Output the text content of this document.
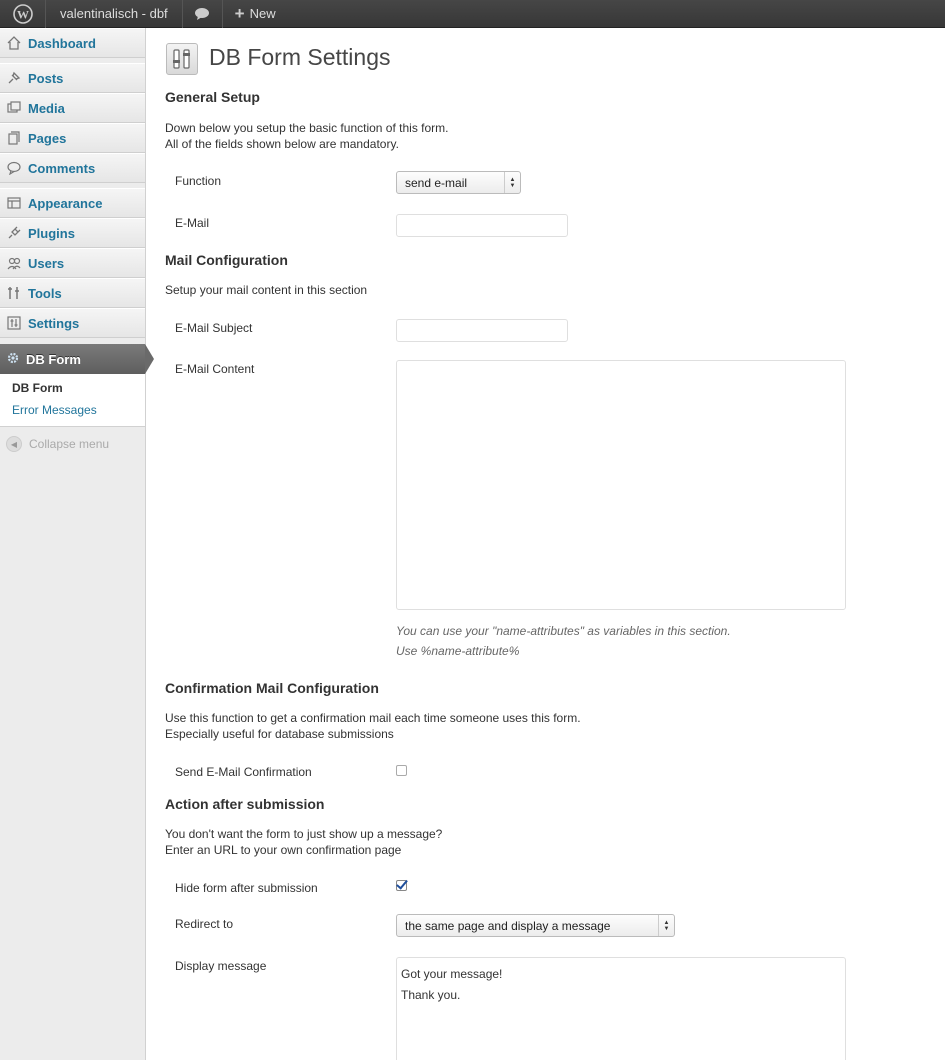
W	valentinalisch - dbf	+ New
Dashboard
Posts
Media
Pages
Comments
Appearance
Plugins
Users
Tools
Settings
DB Form
DB Form
Error Messages
◀ Collapse menu
DB Form Settings
General Setup
Down below you setup the basic function of this form.
All of the fields shown below are mandatory.
Function	send e-mail	▲
▼
E-Mail
Mail Configuration
Setup your mail content in this section
E-Mail Subject
E-Mail Content
You can use your "name-attributes" as variables in this section.
Use %name-attribute%
Confirmation Mail Configuration
Use this function to get a confirmation mail each time someone uses this form.
Especially useful for database submissions
Send E-Mail Confirmation
Action after submission
You don't want the form to just show up a message?
Enter an URL to your own confirmation page
Hide form after submission
Redirect to	the same page and display a message	▲
▼
Display message
Got your message!
Thank you.
